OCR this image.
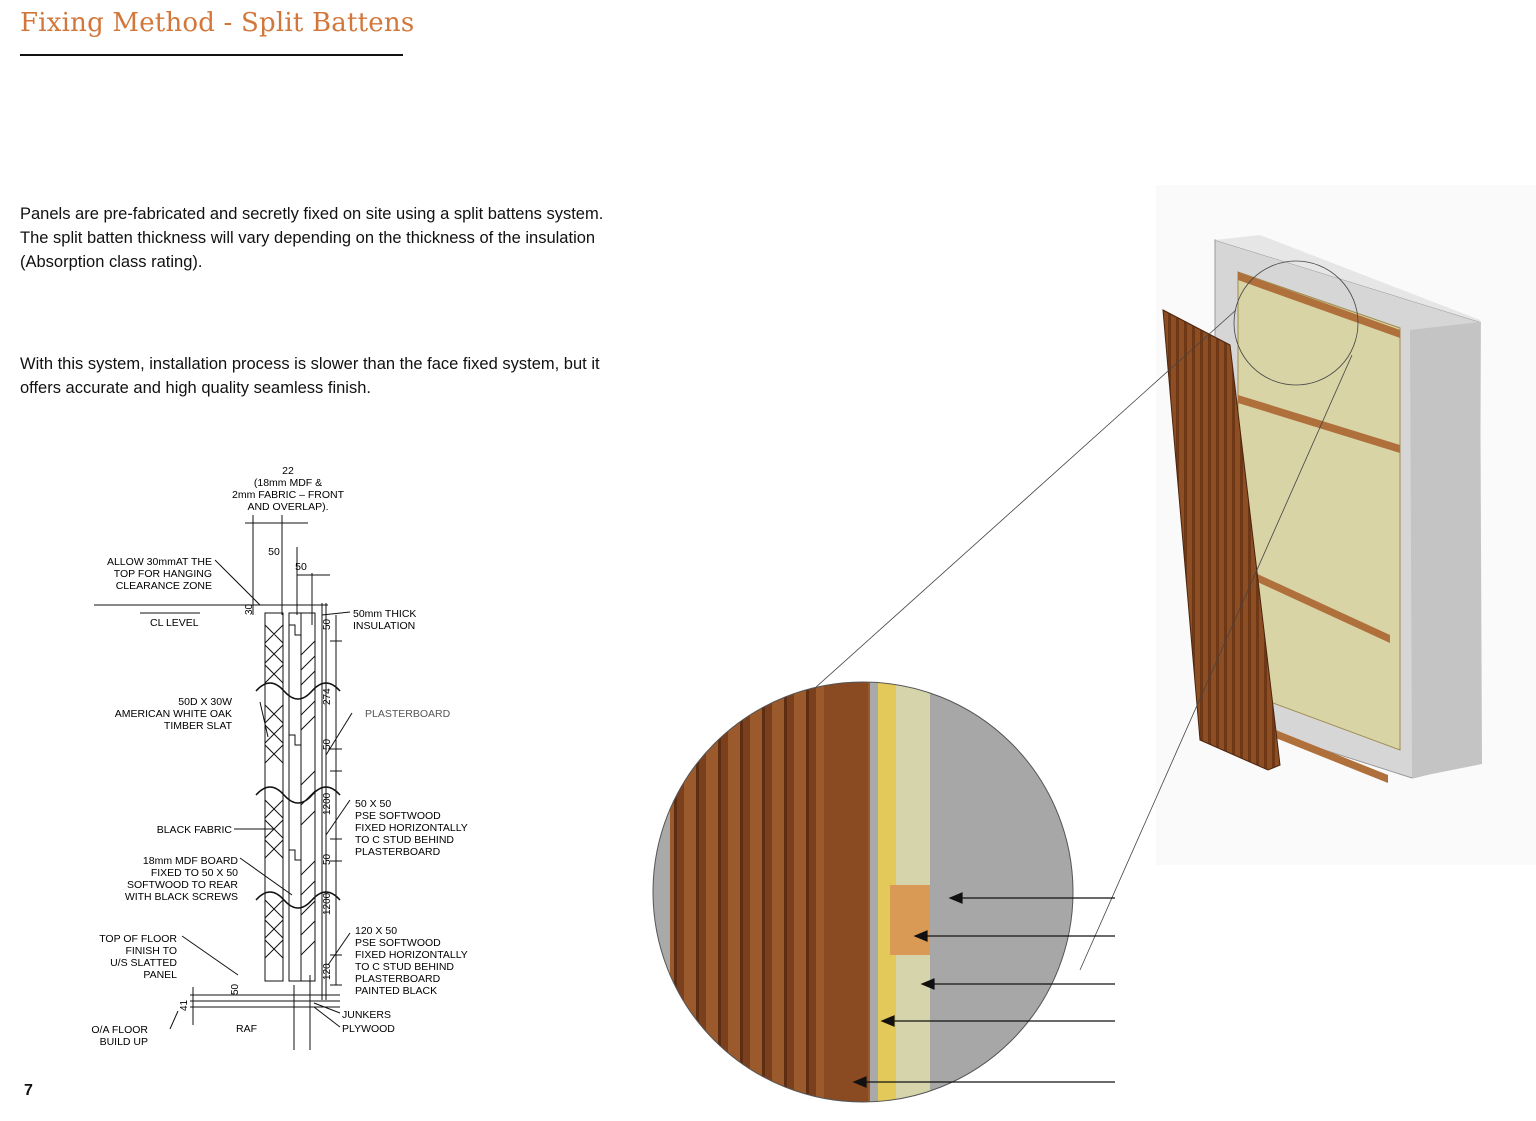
Fixing Method - Split Battens
Panels are pre-fabricated and secretly fixed on site using a split battens system. The split batten thickness will vary depending on the thickness of the insulation (Absorption class rating).
With this system, installation process is slower than the face fixed system, but it offers accurate and high quality seamless finish.
22
(18mm MDF &
2mm FABRIC – FRONT
AND OVERLAP).
50
50
30
50
274
50
1200
50
1200
120
50
41
ALLOW 30mmAT THE
TOP FOR HANGING
CLEARANCE ZONE
CL LEVEL
50D X 30W
AMERICAN WHITE OAK
TIMBER SLAT
BLACK FABRIC
18mm MDF BOARD
FIXED TO 50 X 50
SOFTWOOD TO REAR
WITH BLACK SCREWS
TOP OF FLOOR
FINISH TO
U/S SLATTED
PANEL
O/A FLOOR
BUILD UP
RAF
50mm THICK
INSULATION
PLASTERBOARD
50 X 50
PSE SOFTWOOD
FIXED HORIZONTALLY
TO C STUD BEHIND
PLASTERBOARD
120 X 50
PSE SOFTWOOD
FIXED HORIZONTALLY
TO C STUD BEHIND
PLASTERBOARD
PAINTED BLACK
JUNKERS
PLYWOOD
7
